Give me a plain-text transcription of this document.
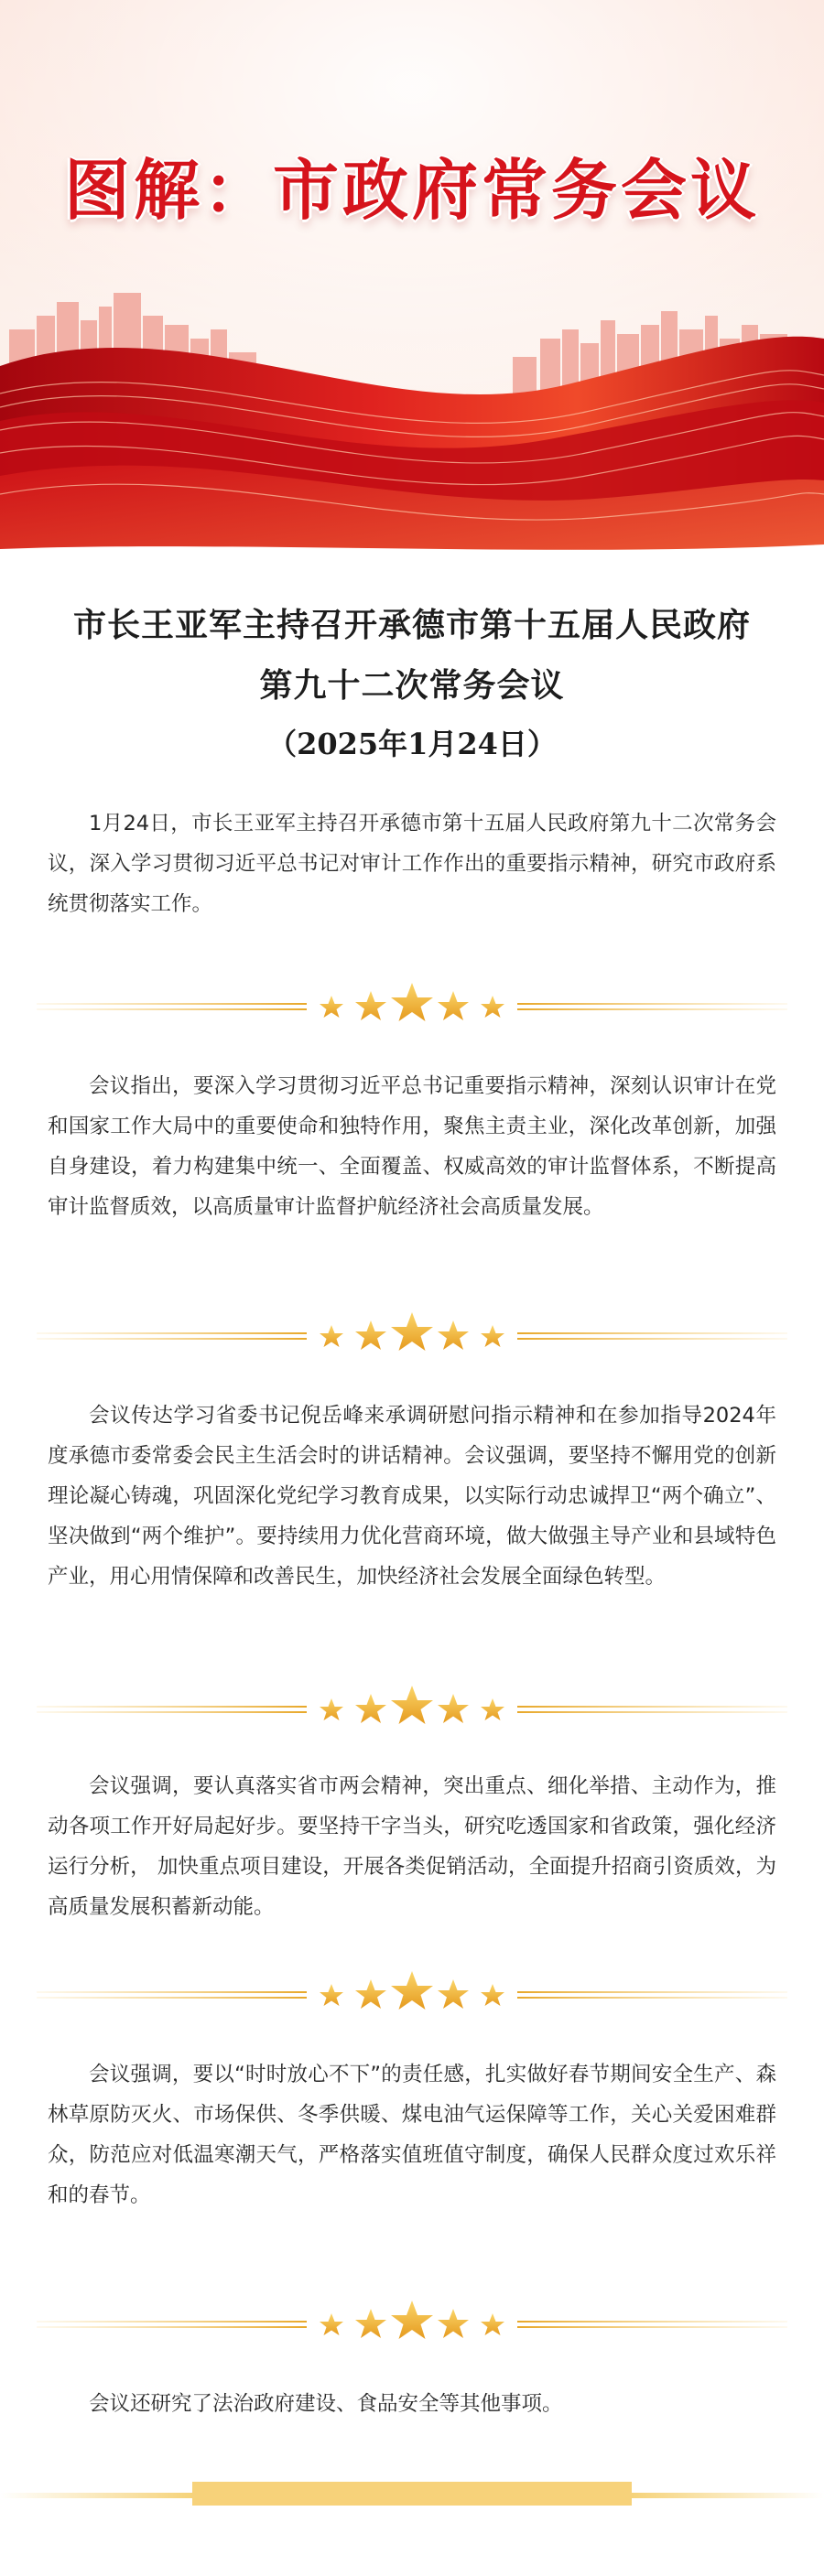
图解：市政府常务会议
市长王亚军主持召开承德市第十五届人民政府
第九十二次常务会议
（2025年1月24日）

1月24日，市长王亚军主持召开承德市第十五届人民政府第九十二次常务会议，深入学习贯彻习近平总书记对审计工作作出的重要指示精神，研究市政府系统贯彻落实工作。

会议指出，要深入学习贯彻习近平总书记重要指示精神，深刻认识审计在党和国家工作大局中的重要使命和独特作用，聚焦主责主业，深化改革创新，加强自身建设，着力构建集中统一、全面覆盖、权威高效的审计监督体系，不断提高审计监督质效，以高质量审计监督护航经济社会高质量发展。

会议传达学习省委书记倪岳峰来承调研慰问指示精神和在参加指导2024年度承德市委常委会民主生活会时的讲话精神。会议强调，要坚持不懈用党的创新理论凝心铸魂，巩固深化党纪学习教育成果，以实际行动忠诚捍卫“两个确立”、坚决做到“两个维护”。要持续用力优化营商环境，做大做强主导产业和县域特色产业，用心用情保障和改善民生，加快经济社会发展全面绿色转型。

会议强调，要认真落实省市两会精神，突出重点、细化举措、主动作为，推动各项工作开好局起好步。要坚持干字当头，研究吃透国家和省政策，强化经济运行分析， 加快重点项目建设，开展各类促销活动，全面提升招商引资质效，为高质量发展积蓄新动能。

会议强调，要以“时时放心不下”的责任感，扎实做好春节期间安全生产、森林草原防灭火、市场保供、冬季供暖、煤电油气运保障等工作，关心关爱困难群众，防范应对低温寒潮天气，严格落实值班值守制度，确保人民群众度过欢乐祥和的春节。

会议还研究了法治政府建设、食品安全等其他事项。
